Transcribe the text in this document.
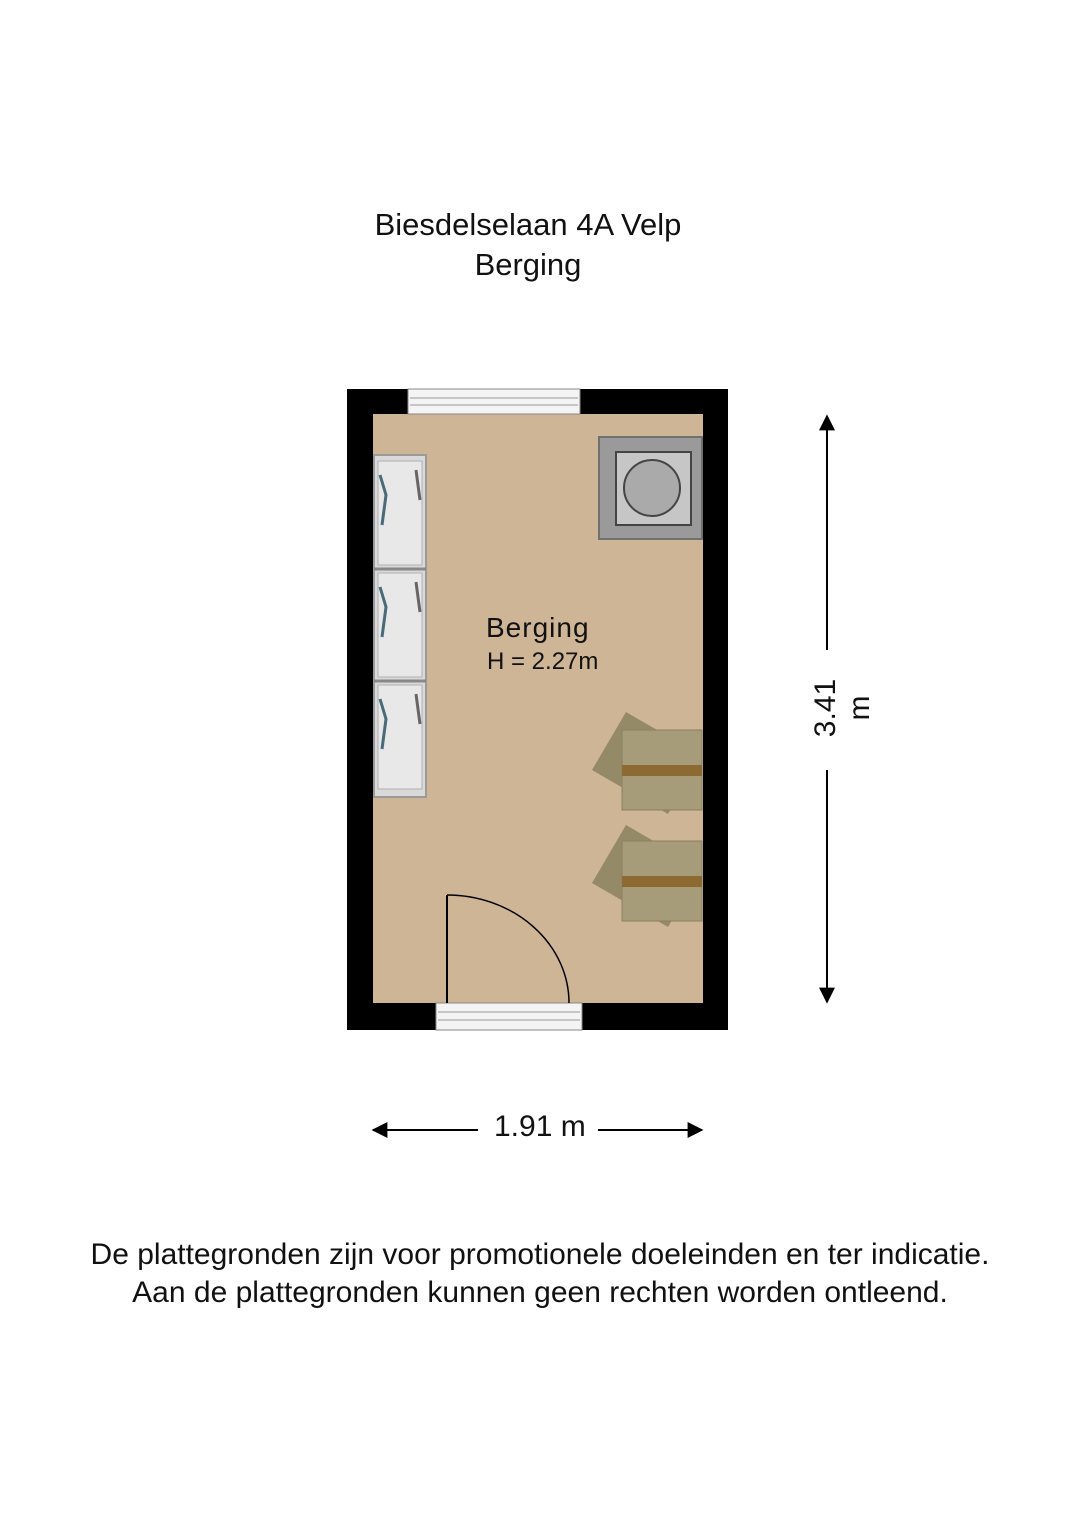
Biesdelselaan 4A Velp
Berging
Berging
H = 2.27m
1.91 m
3.41 m
De plattegronden zijn voor promotionele doeleinden en ter indicatie.
Aan de plattegronden kunnen geen rechten worden ontleend.
